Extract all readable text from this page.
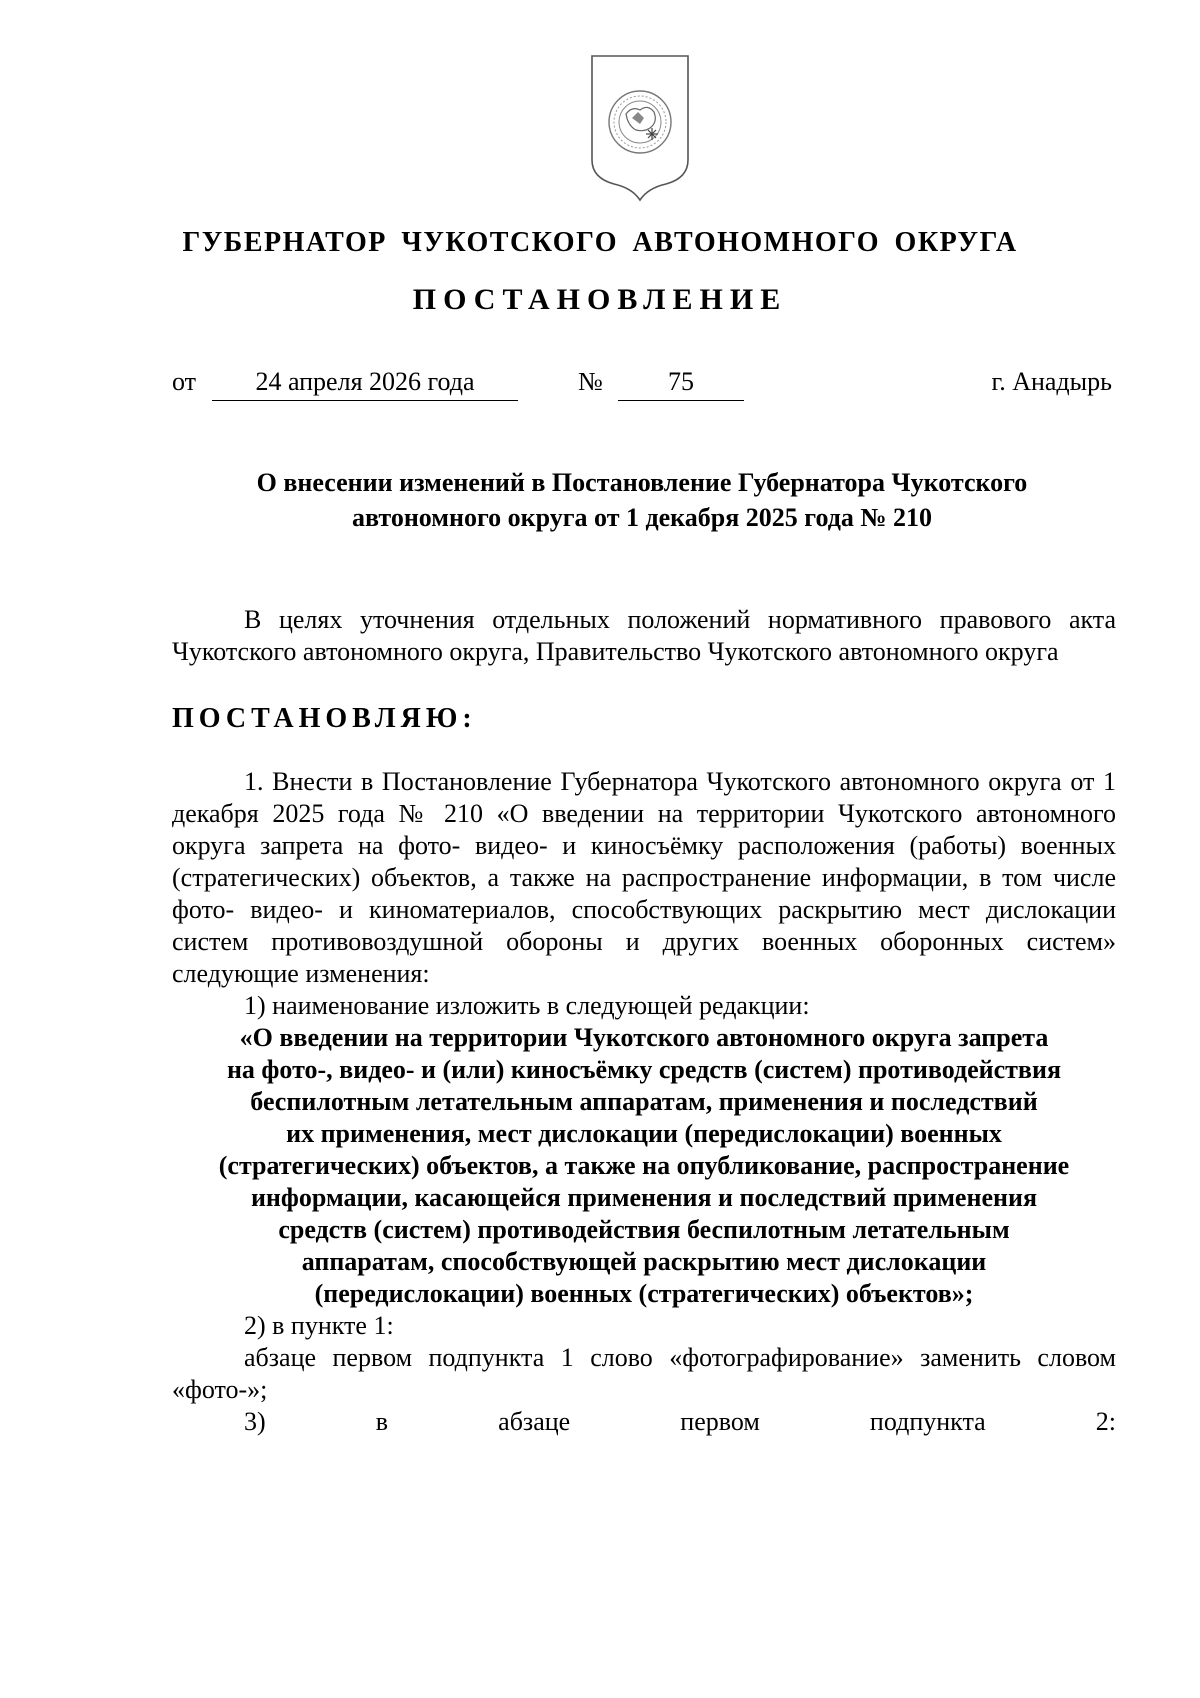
ГУБЕРНАТОР ЧУКОТСКОГО АВТОНОМНОГО ОКРУГА
ПОСТАНОВЛЕНИЕ
от	24 апреля 2026 года	№	75	г. Анадырь
О внесении изменений в Постановление Губернатора Чукотского
автономного округа от 1 декабря 2025 года № 210

В целях уточнения отдельных положений нормативного правового акта Чукотского автономного округа, Правительство Чукотского автономного округа

ПОСТАНОВЛЯЮ:

1. Внести в Постановление Губернатора Чукотского автономного округа от 1 декабря 2025 года № 210 «О введении на территории Чукотского автономного округа запрета на фото- видео- и киносъёмку расположения (работы) военных (стратегических) объектов, а также на распространение информации, в том числе фото- видео- и киноматериалов, способствующих раскрытию мест дислокации систем противовоздушной обороны и других военных оборонных систем» следующие изменения:

1) наименование изложить в следующей редакции:

«О введении на территории Чукотского автономного округа запрета

на фото-, видео- и (или) киносъёмку средств (систем) противодействия

беспилотным летательным аппаратам, применения и последствий

их применения, мест дислокации (передислокации) военных

(стратегических) объектов, а также на опубликование, распространение

информации, касающейся применения и последствий применения

средств (систем) противодействия беспилотным летательным

аппаратам, способствующей раскрытию мест дислокации

(передислокации) военных (стратегических) объектов»;

2) в пункте 1:

абзаце первом подпункта 1 слово «фотографирование» заменить словом «фото-»;

3) в абзаце первом подпункта 2:
